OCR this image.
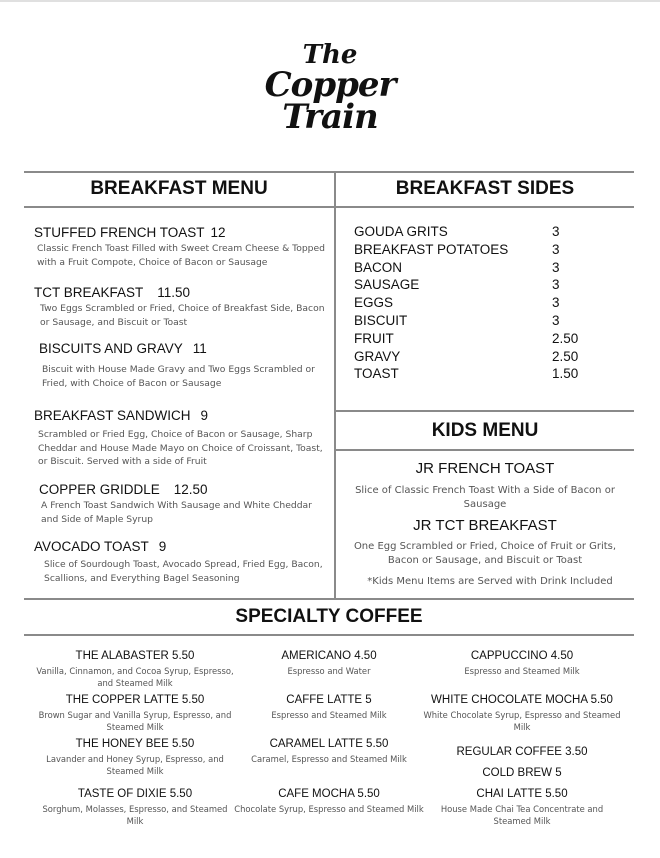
The
Copper
Train
BREAKFAST MENU	BREAKFAST SIDES
KIDS MENU
SPECIALTY COFFEE
STUFFED FRENCH TOAST 12
Classic French Toast Filled with Sweet Cream Cheese & Topped with a Fruit Compote, Choice of Bacon or Sausage
TCT BREAKFAST 11.50
Two Eggs Scrambled or Fried, Choice of Breakfast Side, Bacon or Sausage, and Biscuit or Toast
BISCUITS AND GRAVY 11
Biscuit with House Made Gravy and Two Eggs Scrambled or Fried, with Choice of Bacon or Sausage
BREAKFAST SANDWICH 9
Scrambled or Fried Egg, Choice of Bacon or Sausage, Sharp Cheddar and House Made Mayo on Choice of Croissant, Toast, or Biscuit. Served with a side of Fruit
COPPER GRIDDLE 12.50
A French Toast Sandwich With Sausage and White Cheddar and Side of Maple Syrup
AVOCADO TOAST 9
Slice of Sourdough Toast, Avocado Spread, Fried Egg, Bacon, Scallions, and Everything Bagel Seasoning
GOUDA GRITS	3
BREAKFAST POTATOES	3
BACON	3
SAUSAGE	3
EGGS	3
BISCUIT	3
FRUIT	2.50
GRAVY	2.50
TOAST	1.50
JR FRENCH TOAST
Slice of Classic French Toast With a Side of Bacon or Sausage
JR TCT BREAKFAST
One Egg Scrambled or Fried, Choice of Fruit or Grits, Bacon or Sausage, and Biscuit or Toast
*Kids Menu Items are Served with Drink Included
THE ALABASTER 5.50
Vanilla, Cinnamon, and Cocoa Syrup, Espresso, and Steamed Milk
THE COPPER LATTE 5.50
Brown Sugar and Vanilla Syrup, Espresso, and Steamed Milk
THE HONEY BEE 5.50
Lavander and Honey Syrup, Espresso, and Steamed Milk
TASTE OF DIXIE 5.50
Sorghum, Molasses, Espresso, and Steamed Milk
AMERICANO 4.50
Espresso and Water
CAFFE LATTE 5
Espresso and Steamed Milk
CARAMEL LATTE 5.50
Caramel, Espresso and Steamed Milk
CAFE MOCHA 5.50
Chocolate Syrup, Espresso and Steamed Milk
CAPPUCCINO 4.50
Espresso and Steamed Milk
WHITE CHOCOLATE MOCHA 5.50
White Chocolate Syrup, Espresso and Steamed Milk
REGULAR COFFEE 3.50
COLD BREW 5
CHAI LATTE 5.50
House Made Chai Tea Concentrate and Steamed Milk
